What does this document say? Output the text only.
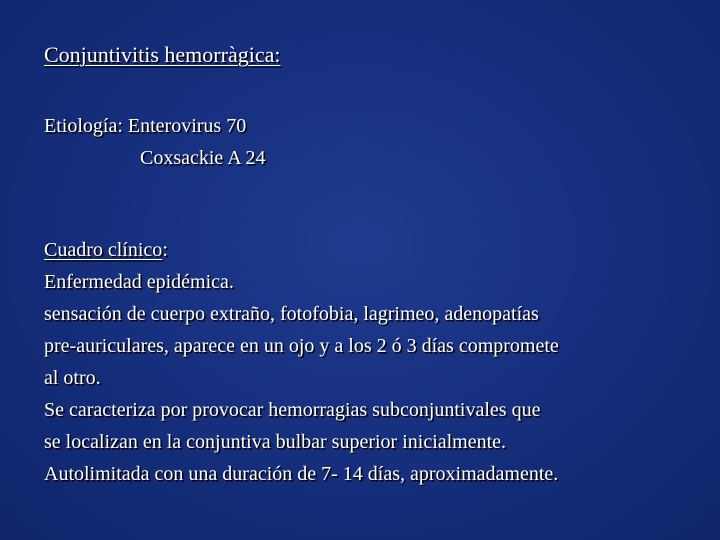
Conjuntivitis hemorràgica:
Etiología: Enterovirus 70
Coxsackie A 24
Cuadro clínico:
Enfermedad epidémica.
sensación de cuerpo extraño, fotofobia, lagrimeo, adenopatías
pre-auriculares, aparece en un ojo y a los 2 ó 3 días compromete
al otro.
Se caracteriza por provocar hemorragias subconjuntivales que
se localizan en la conjuntiva bulbar superior inicialmente.
Autolimitada con una duración de 7- 14 días, aproximadamente.
